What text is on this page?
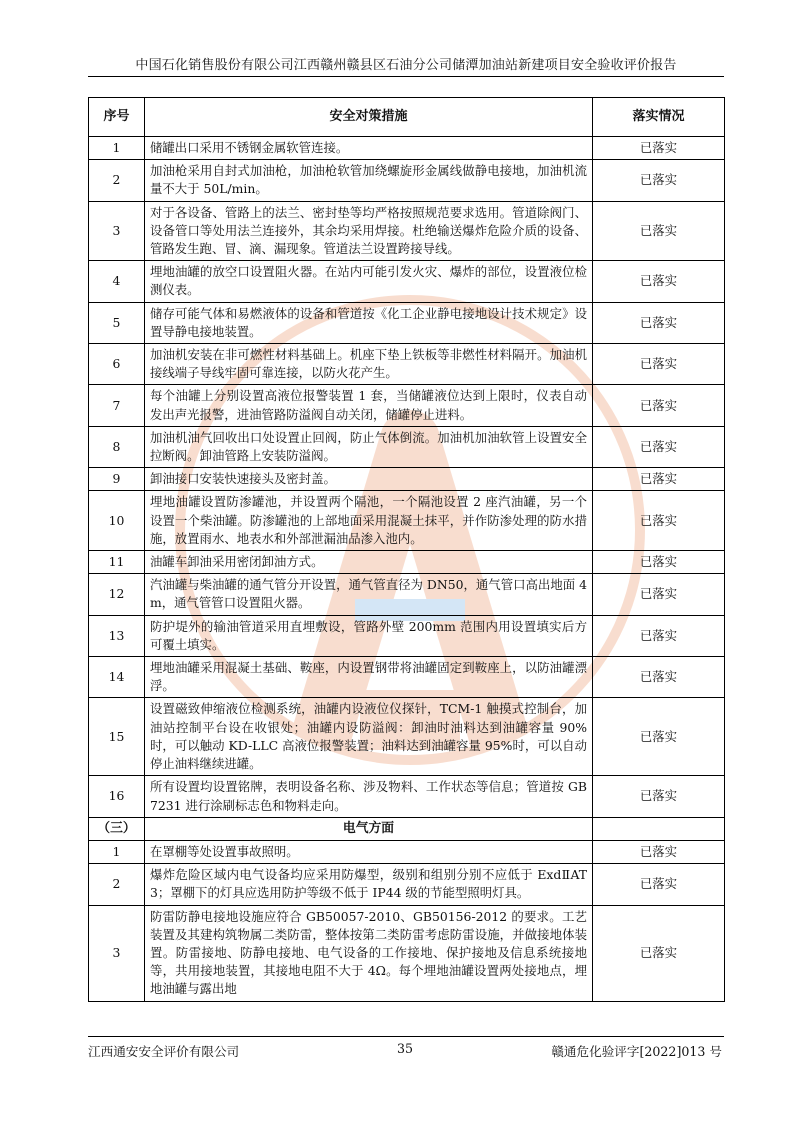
中国石化销售股份有限公司江西赣州赣县区石油分公司储潭加油站新建项目安全验收评价报告
序号	安全对策措施	落实情况
1	储罐出口采用不锈钢金属软管连接。	已落实
2	加油枪采用自封式加油枪，加油枪软管加绕螺旋形金属线做静电接地，加油机流量不大于 50L/min。	已落实
3	对于各设备、管路上的法兰、密封垫等均严格按照规范要求选用。管道除阀门、设备管口等处用法兰连接外，其余均采用焊接。杜绝输送爆炸危险介质的设备、管路发生跑、冒、滴、漏现象。管道法兰设置跨接导线。	已落实
4	埋地油罐的放空口设置阻火器。在站内可能引发火灾、爆炸的部位，设置液位检测仪表。	已落实
5	储存可能气体和易燃液体的设备和管道按《化工企业静电接地设计技术规定》设置导静电接地装置。	已落实
6	加油机安装在非可燃性材料基础上。机座下垫上铁板等非燃性材料隔开。加油机接线端子导线牢固可靠连接，以防火花产生。	已落实
7	每个油罐上分别设置高液位报警装置 1 套，当储罐液位达到上限时，仪表自动发出声光报警，进油管路防溢阀自动关闭，储罐停止进料。	已落实
8	加油机油气回收出口处设置止回阀，防止气体倒流。加油机加油软管上设置安全拉断阀。卸油管路上安装防溢阀。	已落实
9	卸油接口安装快速接头及密封盖。	已落实
10	埋地油罐设置防渗罐池，并设置两个隔池，一个隔池设置 2 座汽油罐，另一个设置一个柴油罐。防渗罐池的上部地面采用混凝土抹平，并作防渗处理的防水措施，放置雨水、地表水和外部泄漏油品渗入池内。	已落实
11	油罐车卸油采用密闭卸油方式。	已落实
12	汽油罐与柴油罐的通气管分开设置，通气管直径为 DN50，通气管口高出地面 4m，通气管管口设置阻火器。	已落实
13	防护堤外的输油管道采用直埋敷设，管路外壁 200mm 范围内用设置填实后方可覆土填实。	已落实
14	埋地油罐采用混凝土基础、鞍座，内设置钢带将油罐固定到鞍座上，以防油罐漂浮。	已落实
15	设置磁致伸缩液位检测系统，油罐内设液位仪探针，TCM-1 触摸式控制台，加油站控制平台设在收银处；油罐内设防溢阀：卸油时油料达到油罐容量 90%时，可以触动 KD-LLC 高液位报警装置；油料达到油罐容量 95%时，可以自动停止油料继续进罐。	已落实
16	所有设置均设置铭牌，表明设备名称、涉及物料、工作状态等信息；管道按 GB7231 进行涂刷标志色和物料走向。	已落实
（三）	电气方面	
1	在罩棚等处设置事故照明。	已落实
2	爆炸危险区域内电气设备均应采用防爆型，级别和组别分别不应低于 ExdⅡAT3；罩棚下的灯具应选用防护等级不低于 IP44 级的节能型照明灯具。	已落实
3	防雷防静电接地设施应符合 GB50057-2010、GB50156-2012 的要求。工艺装置及其建构筑物属二类防雷，整体按第二类防雷考虑防雷设施，并做接地体装置。防雷接地、防静电接地、电气设备的工作接地、保护接地及信息系统接地等，共用接地装置，其接地电阻不大于 4Ω。每个埋地油罐设置两处接地点，埋地油罐与露出地	已落实
江西通安安全评价有限公司	35	赣通危化验评字[2022]013 号
